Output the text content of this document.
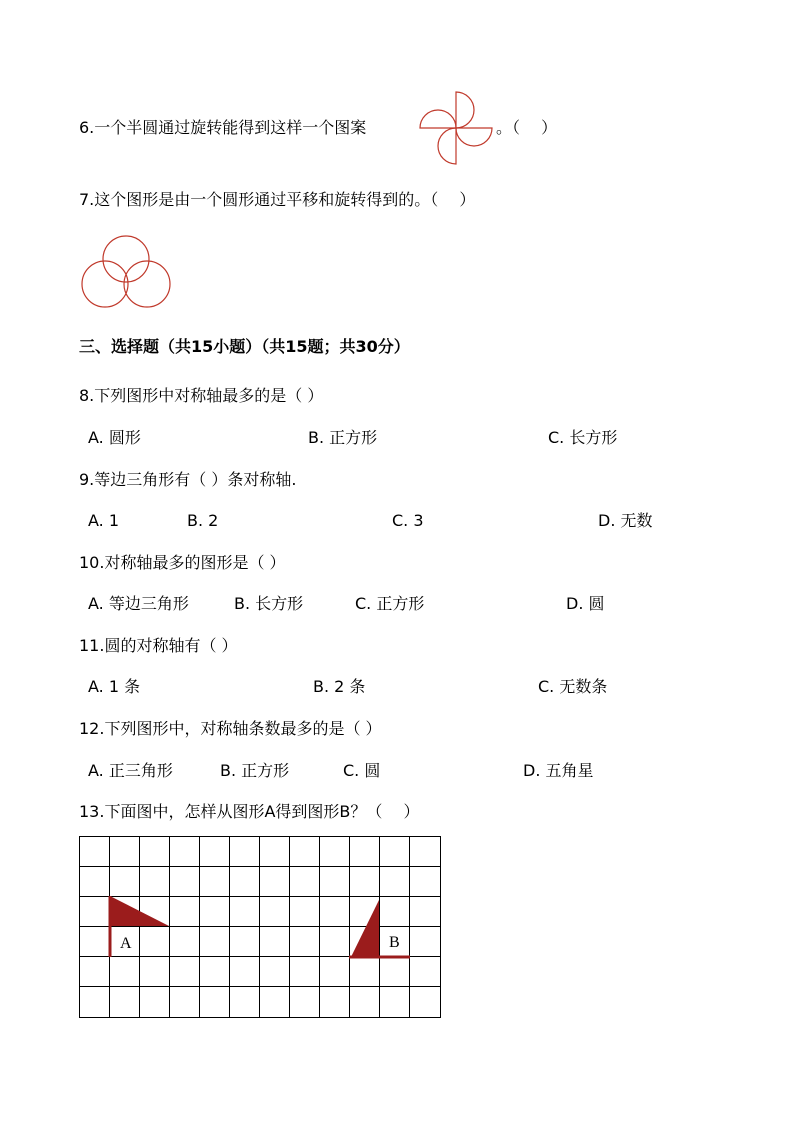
6.一个半圆通过旋转能得到这样一个图案	。（　 ）
7.这个图形是由一个圆形通过平移和旋转得到的。（　 ）
三、选择题（共15小题）（共15题；共30分）
8.下列图形中对称轴最多的是（ ）
A. 圆形	B. 正方形	C. 长方形
9.等边三角形有（ ）条对称轴.
A. 1	B. 2	C. 3	D. 无数
10.对称轴最多的图形是（ ）
A. 等边三角形	B. 长方形	C. 正方形	D. 圆
11.圆的对称轴有（ ）
A. 1 条	B. 2 条	C. 无数条
12.下列图形中，对称轴条数最多的是（ ）
A. 正三角形	B. 正方形	C. 圆	D. 五角星
13.下面图中，怎样从图形A得到图形B？（　 ）
A	B
